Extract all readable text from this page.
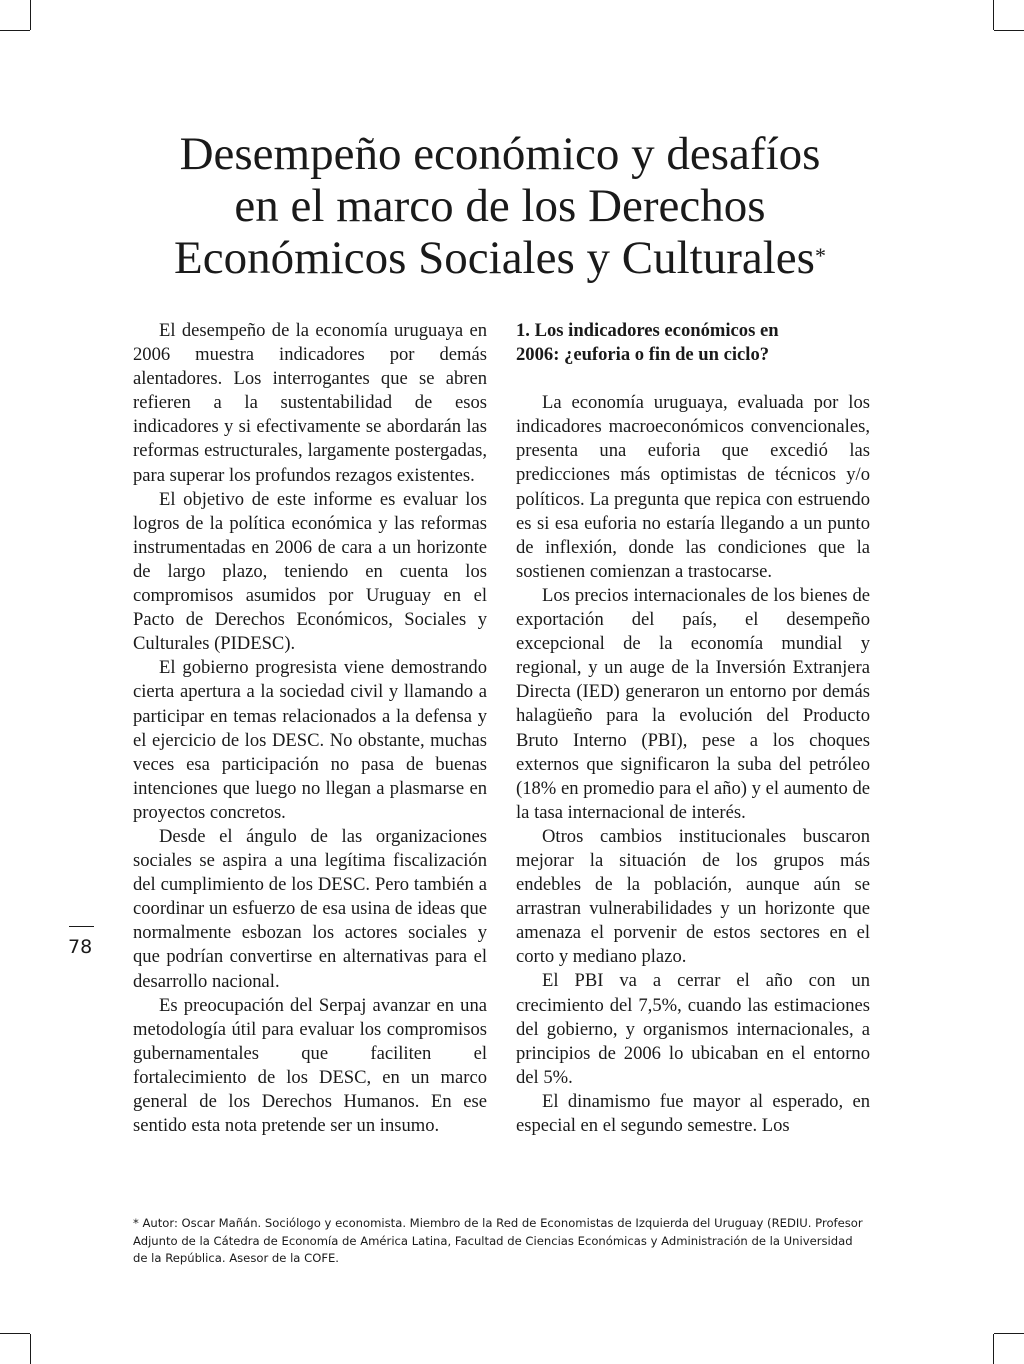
Desempeño económico y desafíos
en el marco de los Derechos
Económicos Sociales y Culturales*

El desempeño de la economía uruguaya en 2006 muestra indicadores por demás alentadores. Los interrogantes que se abren refieren a la sustentabilidad de esos indicadores y si efectivamente se abordarán las reformas estructurales, largamente postergadas, para superar los profundos rezagos existentes.

El objetivo de este informe es evaluar los logros de la política económica y las reformas instrumentadas en 2006 de cara a un horizonte de largo plazo, teniendo en cuenta los compromisos asumidos por Uruguay en el Pacto de Derechos Económicos, Sociales y Culturales (PIDESC).

El gobierno progresista viene demostrando cierta apertura a la sociedad civil y llamando a participar en temas relacionados a la defensa y el ejercicio de los DESC. No obstante, muchas veces esa participación no pasa de buenas intenciones que luego no llegan a plasmarse en proyectos concretos.

Desde el ángulo de las organizaciones sociales se aspira a una legítima fiscalización del cumplimiento de los DESC. Pero también a coordinar un esfuerzo de esa usina de ideas que normalmente esbozan los actores sociales y que podrían convertirse en alternativas para el desarrollo nacional.

Es preocupación del Serpaj avanzar en una metodología útil para evaluar los compromisos gubernamentales que faciliten el fortalecimiento de los DESC, en un marco general de los Derechos Humanos. En ese sentido esta nota pretende ser un insumo.

1. Los indicadores económicos en
2006: ¿euforia o fin de un ciclo?

La economía uruguaya, evaluada por los indicadores macroeconómicos convencionales, presenta una euforia que excedió las predicciones más optimistas de técnicos y/o políticos. La pregunta que repica con estruendo es si esa euforia no estaría llegando a un punto de inflexión, donde las condiciones que la sostienen comienzan a trastocarse.

Los precios internacionales de los bienes de exportación del país, el desempeño excepcional de la economía mundial y regional, y un auge de la Inversión Extranjera Directa (IED) generaron un entorno por demás halagüeño para la evolución del Producto Bruto Interno (PBI), pese a los choques externos que significaron la suba del petróleo (18% en promedio para el año) y el aumento de la tasa internacional de interés.

Otros cambios institucionales buscaron mejorar la situación de los grupos más endebles de la población, aunque aún se arrastran vulnerabilidades y un horizonte que amenaza el porvenir de estos sectores en el corto y mediano plazo.

El PBI va a cerrar el año con un crecimiento del 7,5%, cuando las estimaciones del gobierno, y organismos internacionales, a principios de 2006 lo ubicaban en el entorno del 5%.

El dinamismo fue mayor al esperado, en especial en el segundo semestre. Los

78

* Autor: Oscar Mañán. Sociólogo y economista. Miembro de la Red de Economistas de Izquierda del Uruguay (REDIU. Profesor Adjunto de la Cátedra de Economía de América Latina, Facultad de Ciencias Económicas y Administración de la Universidad de la República. Asesor de la COFE.
